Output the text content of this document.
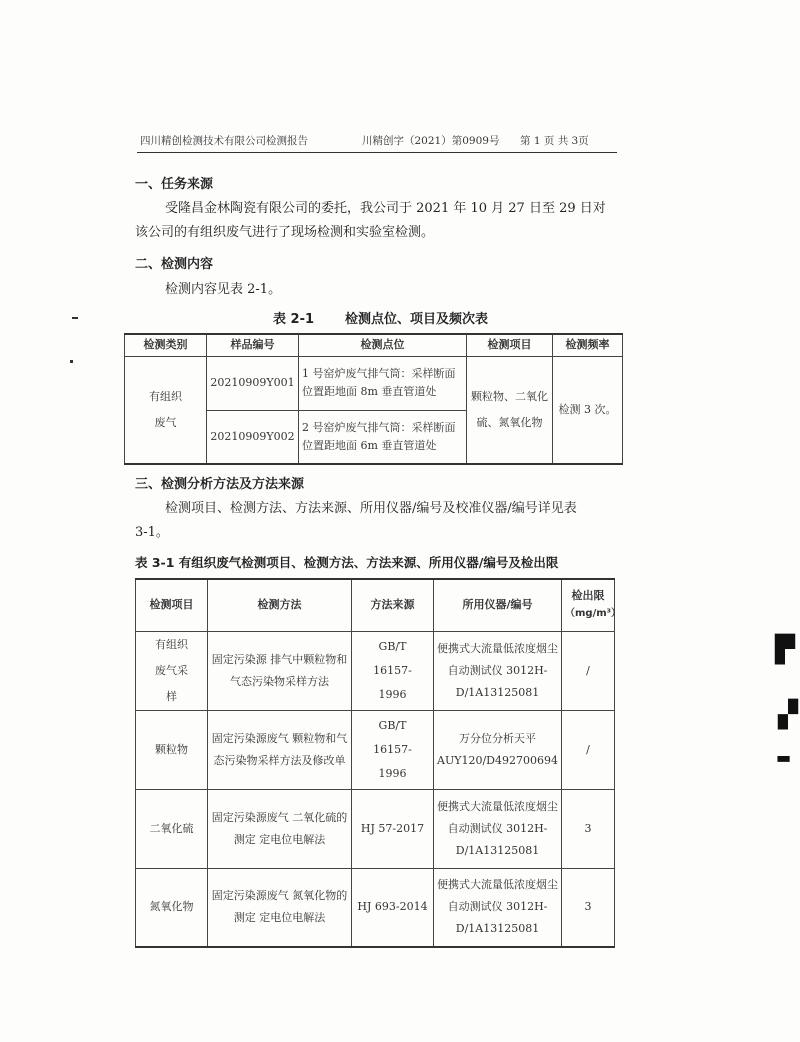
四川精创检测技术有限公司检测报告	川精创字（2021）第0909号 第 1 页 共 3页
一、任务来源
受隆昌金林陶瓷有限公司的委托，我公司于 2021 年 10 月 27 日至 29 日对
该公司的有组织废气进行了现场检测和实验室检测。
二、检测内容
检测内容见表 2-1。
表 2-1 检测点位、项目及频次表
检测类别	样品编号	检测点位	检测项目	检测频率

有组织废气	20210909Y001	1 号窑炉废气排气筒：采样断面位置距地面 8m 垂直管道处	颗粒物、二氧化硫、氮氧化物	检测 3 次。
	20210909Y002	2 号窑炉废气排气筒：采样断面位置距地面 6m 垂直管道处		
三、检测分析方法及方法来源
检测项目、检测方法、方法来源、所用仪器/编号及校准仪器/编号详见表
3-1。
表 3-1 有组织废气检测项目、检测方法、方法来源、所用仪器/编号及检出限
检测项目	检测方法	方法来源	所用仪器/编号	检出限
（mg/m³）

有组织废气采样	固定污染源 排气中颗粒物和气态污染物采样方法	GB/T 16157-1996	便携式大流量低浓度烟尘自动测试仪 3012H-D/1A13125081	/
颗粒物	固定污染源废气 颗粒物和气态污染物采样方法及修改单	GB/T 16157-1996	万分位分析天平 AUY120/D492700694	/
二氧化硫	固定污染源废气 二氧化硫的测定 定电位电解法	HJ 57-2017	便携式大流量低浓度烟尘自动测试仪 3012H-D/1A13125081	3
氮氧化物	固定污染源废气 氮氧化物的测定 定电位电解法	HJ 693-2014	便携式大流量低浓度烟尘自动测试仪 3012H-D/1A13125081	3
▛
▞
▬
